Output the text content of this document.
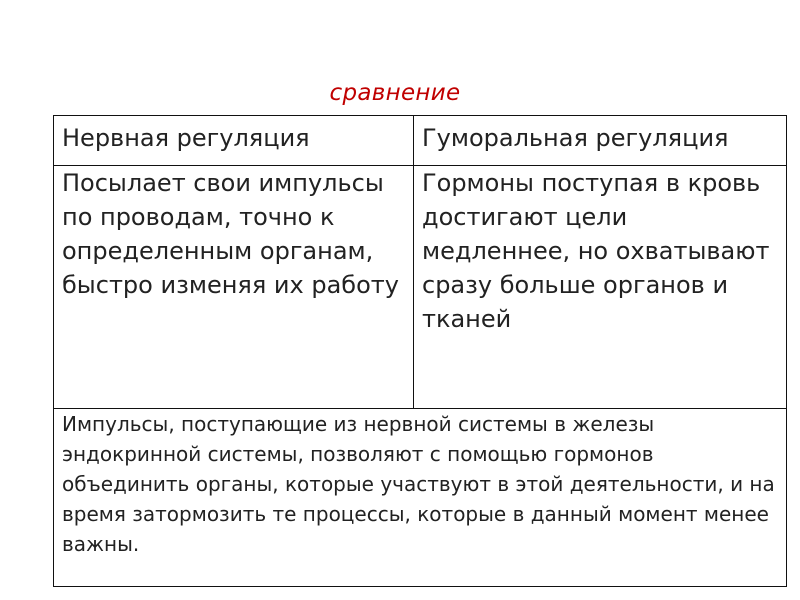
сравнение
Нервная регуляция	Гуморальная регуляция

Посылает свои импульсы по проводам, точно к определенным органам, быстро изменяя их работу	Гормоны поступая в кровь достигают цели медленнее, но охватывают сразу больше органов и тканей
Импульсы, поступающие из нервной системы в железы эндокринной системы, позволяют с помощью гормонов объединить органы, которые участвуют в этой деятельности, и на время затормозить те процессы, которые в данный момент менее важны.	
